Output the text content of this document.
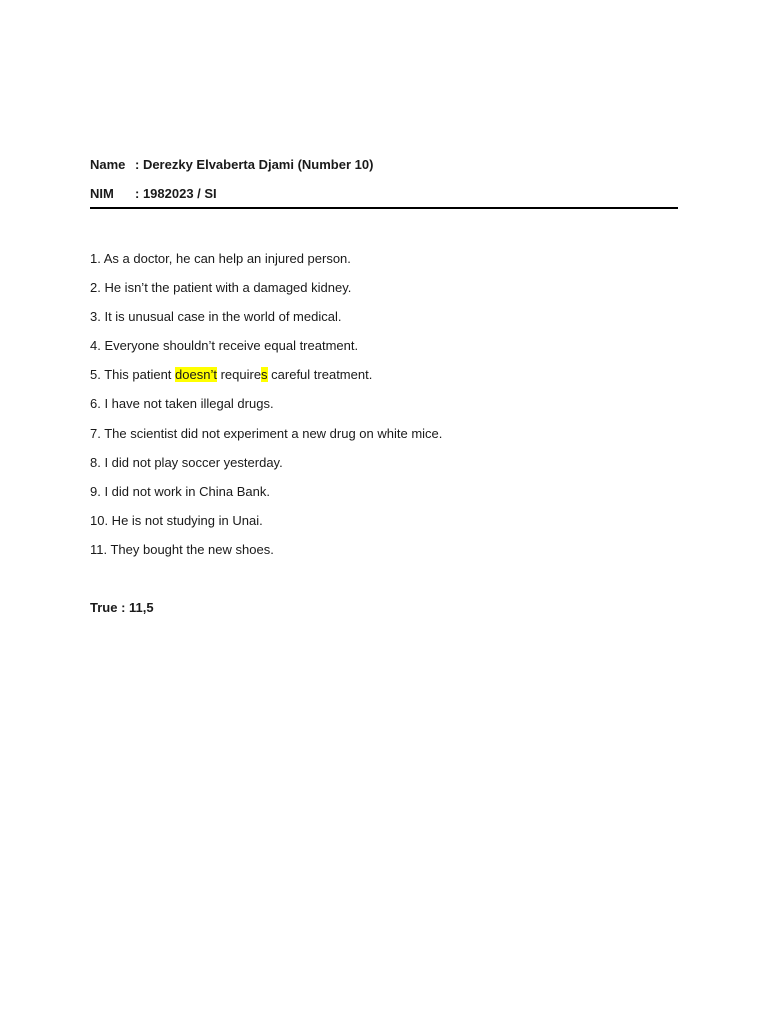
Name : Derezky Elvaberta Djami (Number 10)
NIM	: 1982023 / SI
1. As a doctor, he can help an injured person.
2. He isn’t the patient with a damaged kidney.
3. It is unusual case in the world of medical.
4. Everyone shouldn’t receive equal treatment.
5. This patient doesn’t requires careful treatment.
6. I have not taken illegal drugs.
7. The scientist did not experiment a new drug on white mice.
8. I did not play soccer yesterday.
9. I did not work in China Bank.
10. He is not studying in Unai.
11. They bought the new shoes.
True : 11,5
